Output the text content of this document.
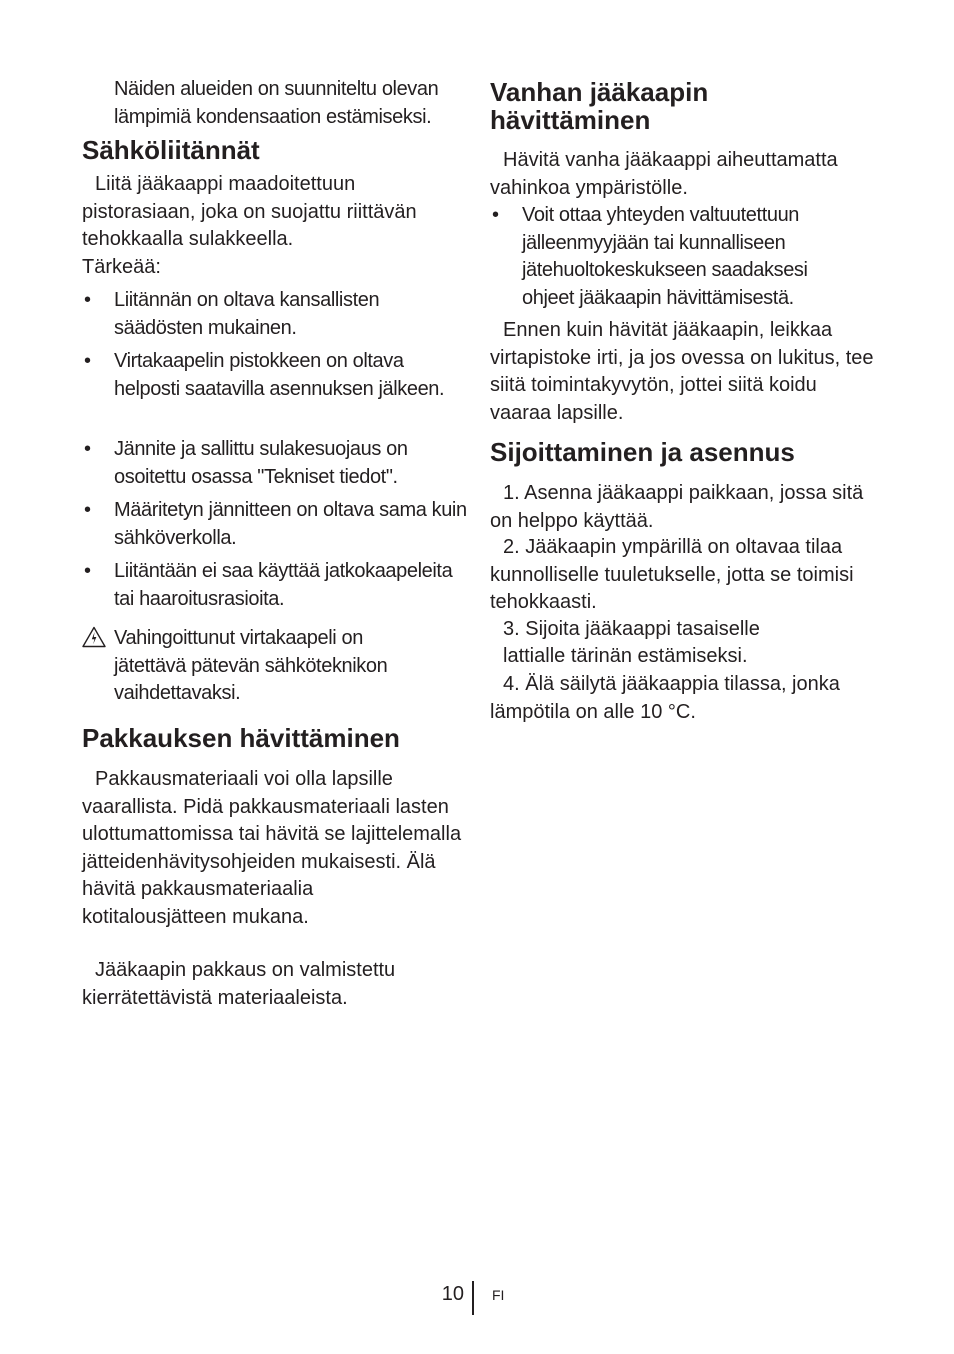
Näiden alueiden on suunniteltu olevan lämpimiä kondensaation estämiseksi.

Sähköliitännät

Liitä jääkaappi maadoitettuun pistorasiaan, joka on suojattu riittävän tehokkaalla sulakkeella.

Tärkeää:

• Liitännän on oltava kansallisten säädösten mukainen.
• Virtakaapelin pistokkeen on oltava helposti saatavilla asennuksen jälkeen.
• Jännite ja sallittu sulakesuojaus on osoitettu osassa "Tekniset tiedot".
• Määritetyn jännitteen on oltava sama kuin sähköverkolla.
• Liitäntään ei saa käyttää jatkokaapeleita tai haaroitusrasioita.
Vahingoittunut virtakaapeli on jätettävä pätevän sähköteknikon vaihdettavaksi.
Pakkauksen hävittäminen

Pakkausmateriaali voi olla lapsille vaarallista. Pidä pakkausmateriaali lasten ulottumattomissa tai hävitä se lajittelemalla jätteidenhävitysohjeiden mukaisesti. Älä hävitä pakkausmateriaalia kotitalousjätteen mukana.

Jääkaapin pakkaus on valmistettu kierrätettävistä materiaaleista.

Vanhan jääkaapin hävittäminen

Hävitä vanha jääkaappi aiheuttamatta vahinkoa ympäristölle.

• Voit ottaa yhteyden valtuutettuun jälleenmyyjään tai kunnalliseen jätehuoltokeskukseen saadaksesi ohjeet jääkaapin hävittämisestä.

Ennen kuin hävität jääkaapin, leikkaa virtapistoke irti, ja jos ovessa on lukitus, tee siitä toimintakyvytön, jottei siitä koidu vaaraa lapsille.

Sijoittaminen ja asennus

1. Asenna jääkaappi paikkaan, jossa sitä on helppo käyttää.

2. Jääkaapin ympärillä on oltavaa tilaa kunnolliselle tuuletukselle, jotta se toimisi tehokkaasti.

3. Sijoita jääkaappi tasaiselle

lattialle tärinän estämiseksi.

4. Älä säilytä jääkaappia tilassa, jonka lämpötila on alle 10 °C.

10 FI
